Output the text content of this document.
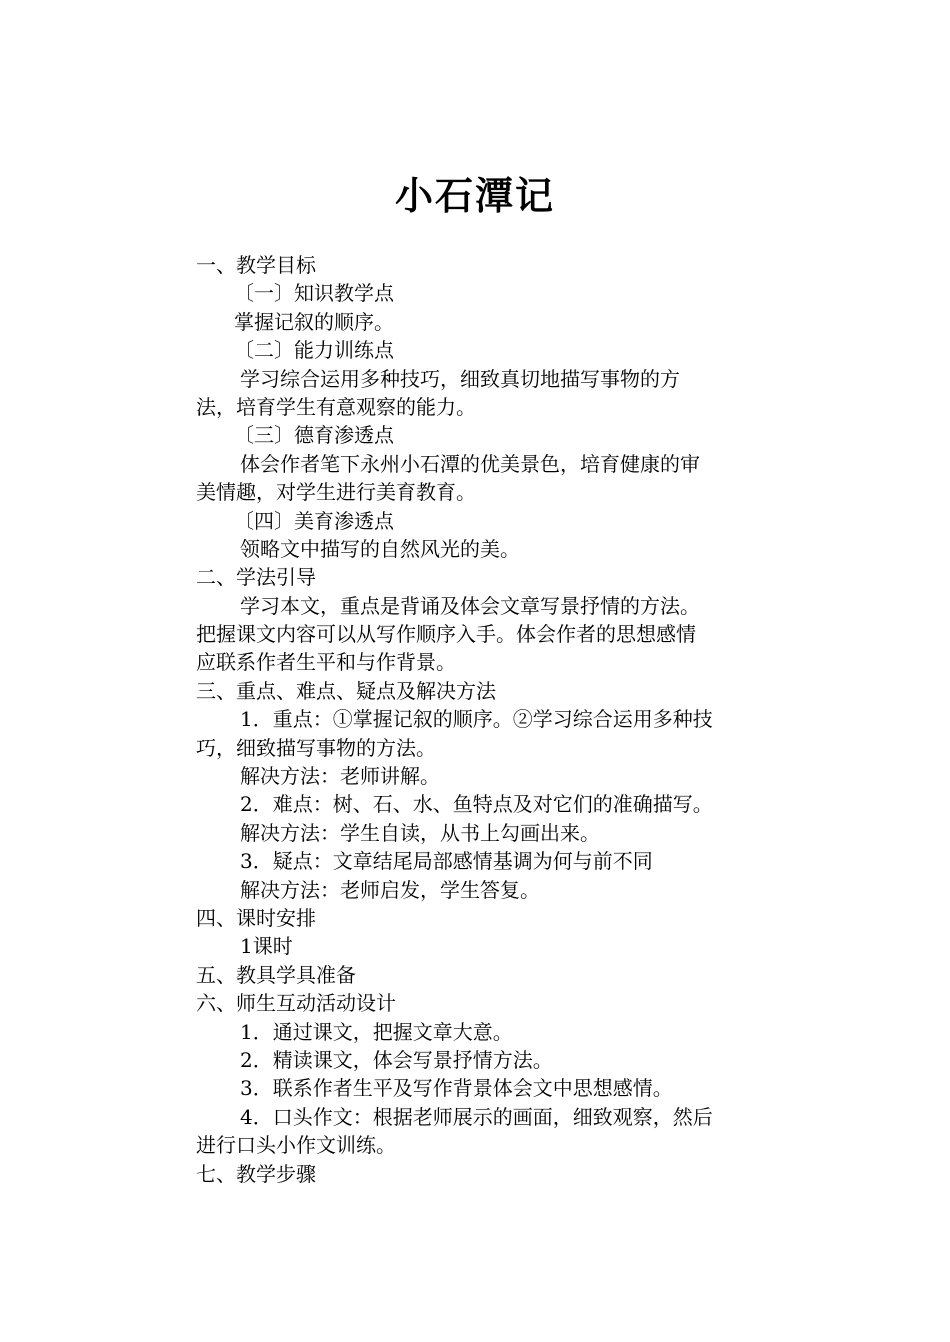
小石潭记
一、教学目标
〔一〕知识教学点
掌握记叙的顺序。
〔二〕能力训练点
学习综合运用多种技巧，细致真切地描写事物的方
法，培育学生有意观察的能力。
〔三〕德育渗透点
体会作者笔下永州小石潭的优美景色，培育健康的审
美情趣，对学生进行美育教育。
〔四〕美育渗透点
领略文中描写的自然风光的美。
二、学法引导
学习本文，重点是背诵及体会文章写景抒情的方法。
把握课文内容可以从写作顺序入手。体会作者的思想感情
应联系作者生平和与作背景。
三、重点、难点、疑点及解决方法
1．重点：①掌握记叙的顺序。②学习综合运用多种技
巧，细致描写事物的方法。
解决方法：老师讲解。
2．难点：树、石、水、鱼特点及对它们的准确描写。
解决方法：学生自读，从书上勾画出来。
3．疑点：文章结尾局部感情基调为何与前不同
解决方法：老师启发，学生答复。
四、课时安排
1课时
五、教具学具准备
六、师生互动活动设计
1．通过课文，把握文章大意。
2．精读课文，体会写景抒情方法。
3．联系作者生平及写作背景体会文中思想感情。
4．口头作文：根据老师展示的画面，细致观察，然后
进行口头小作文训练。
七、教学步骤
